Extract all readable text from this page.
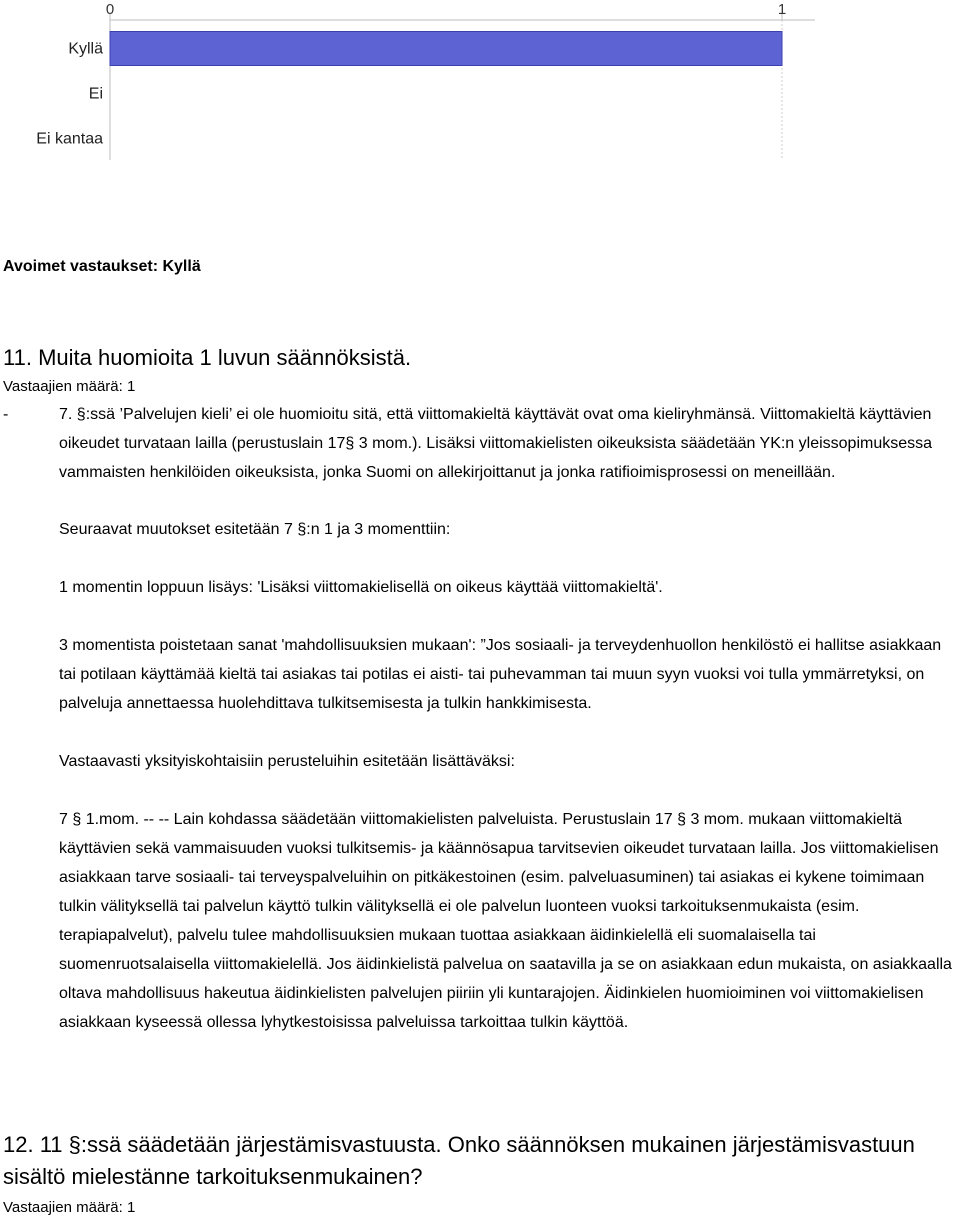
0	1
Kyllä
Ei
Ei kantaa
Avoimet vastaukset: Kyllä
11. Muita huomioita 1 luvun säännöksistä.
Vastaajien määrä: 1
-	7. §:ssä ’Palvelujen kieli’ ei ole huomioitu sitä, että viittomakieltä käyttävät ovat oma kieliryhmänsä. Viittomakieltä käyttävien oikeudet turvataan lailla (perustuslain 17§ 3 mom.). Lisäksi viittomakielisten oikeuksista säädetään YK:n yleissopimuksessa vammaisten henkilöiden oikeuksista, jonka Suomi on allekirjoittanut ja jonka ratifioimisprosessi on meneillään.

Seuraavat muutokset esitetään 7 §:n 1 ja 3 momenttiin:

1 momentin loppuun lisäys: 'Lisäksi viittomakielisellä on oikeus käyttää viittomakieltä'.

3 momentista poistetaan sanat 'mahdollisuuksien mukaan': ”Jos sosiaali- ja terveydenhuollon henkilöstö ei hallitse asiakkaan tai potilaan käyttämää kieltä tai asiakas tai potilas ei aisti- tai puhevamman tai muun syyn vuoksi voi tulla ymmärretyksi, on palveluja annettaessa huolehdittava tulkitsemisesta ja tulkin hankkimisesta.

Vastaavasti yksityiskohtaisiin perusteluihin esitetään lisättäväksi:

7 § 1.mom. -- -- Lain kohdassa säädetään viittomakielisten palveluista. Perustuslain 17 § 3 mom. mukaan viittomakieltä käyttävien sekä vammaisuuden vuoksi tulkitsemis- ja käännösapua tarvitsevien oikeudet turvataan lailla. Jos viittomakielisen asiakkaan tarve sosiaali- tai terveyspalveluihin on pitkäkestoinen (esim. palveluasuminen) tai asiakas ei kykene toimimaan tulkin välityksellä tai palvelun käyttö tulkin välityksellä ei ole palvelun luonteen vuoksi tarkoituksenmukaista (esim. terapiapalvelut), palvelu tulee mahdollisuuksien mukaan tuottaa asiakkaan äidinkielellä eli suomalaisella tai suomenruotsalaisella viittomakielellä. Jos äidinkielistä palvelua on saatavilla ja se on asiakkaan edun mukaista, on asiakkaalla oltava mahdollisuus hakeutua äidinkielisten palvelujen piiriin yli kuntarajojen. Äidinkielen huomioiminen voi viittomakielisen asiakkaan kyseessä ollessa lyhytkestoisissa palveluissa tarkoittaa tulkin käyttöä.

12. 11 §:ssä säädetään järjestämisvastuusta. Onko säännöksen mukainen järjestämisvastuun sisältö mielestänne tarkoituksenmukainen?
Vastaajien määrä: 1
